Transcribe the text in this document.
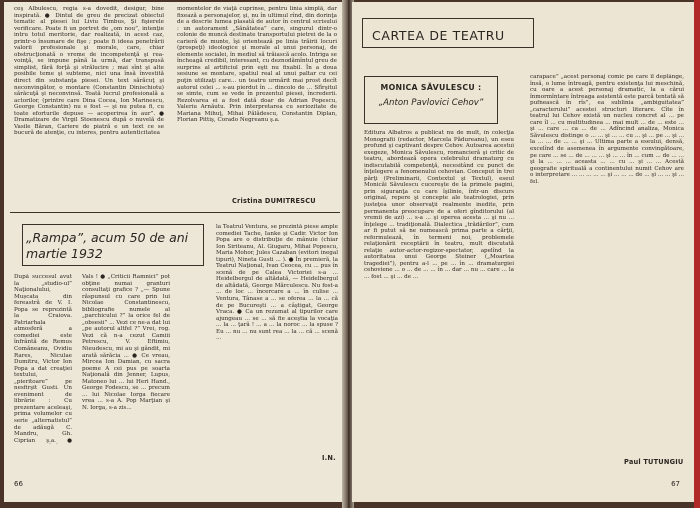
ceş Albulescu, regia s-a dovedit, desigur, bine inspirată. ● Dintul de greu de precizat obiectul tematic al piesei lui Liviu Timbus, Şi fişierele verificare. Poate fi un portret de „om nou”, intenţie intru totul meritorie, dar realizată, in acest caz, printr-o însumare de fişe ; poate fi ideea penetrării valorii profesionale şi morale, care, chiar obstrucţionată o vreme de incompetenţă şi rea-voinţă, se impune până la urmă, dar transpusă simplist, fără forţă şi strălucire ; mai sînt şi alte posibile teme şi subteme, nici una însă învestită direct din substanţa piesei. Un text sărăcuţ şi neconvingător, o montare (Constantin Dinischiotu) sărăcuţă şi neconvinsă. Toată lucrul profesională a actorilor, (printre care Dina Cocea, Ion Marinescu, George Constantin) nu e fost — şi nu putea fi, cu toate eforturile depuse — acoperirea în aur”. ● Dramatizare de Virgil Stoenescu după o nuvelă de Vasile Băran, Cariere de piatră e un text ce se bucură de atenţie, cu interes, pentru autenticitatea

momentelor de viaţă cuprinse, pentru linia simplă, dar fixează a personajelor, şi, nu în ultimul rînd, din dorinţa de a descrie lumea plasată de autor în centrul scrisului : un autorament „Sănătatea” care, singurul dintr-o colonie de muncă destinate transportului pietrei de la o carieră de munte, îşi orientează pe linia trăirii locuri (prospeţi) ideologice şi morale al unui personaj, de elemente socialei, în mediul să trăiască acolo. Intriga se încheagă credibil, interesant, cu deznodămîntul greu de surprins al artificiul prin eşti nu fixabil. În a doua sesiune se montare, spatiul real al unui paltar cu cei puţin utilizaţi care... un teatru urmărit mai prost decît autorul celei ... s-au pierdut în ... dincolo de ... Sfîrşitul se simte, cum se vede în prezentul piesei, încrederii. Rezolvarea ei a fost dată doar de Adrian Popescu, Valeriu Arnăutu. Prin interpretarea cu seriozitate de Mariana Mihuţ, Mihai Pălădescu, Constantin Diplan, Florian Pittiş, Corado Negreanu ş.a.

Cristina DUMITRESCU
„Rampa”, acum 50 de ani martie 1932

După succesul avut la „studio-ul” Naţionalului, Mușcata din fereastră de V. I. Popa se reprezintă la Craiova. Patriarhala atmosferă a comediei este înfrântă de Remus Comăneanu, Ovidiu Rares, Niculae Dumitru, Victor Ion Popa a dat creaţiei textului, „pieritoare” pe nesfirşit Gusti. Un eveniment de librărie : Cu prezentare aceleaşi, prima volumelor cu serie „alternatistul” de adăugă C. Mandru, Gh. Ciprian ş.a. ●

Vals ! ● „Criticii Ramnici” pot obţine numai granturi consultaţi grafice ? „— Spune răspunsul cu care prin lui Nicolae Constantinescu, bibliografie numele al „parchicului ?” la orice fel de „obsesii” ... Vezi ce ne-a dat lui „pe autorul altfel ?” Vrei, rog. Vezi că n-a cezut Camiii Petrescu, V. Eftimiu, Nieudescu, mi au şi gândit, mi arată sărăcia ... ● Ce vreau, Mircea Ion Damian, cu sacra poeme A cei pus pe soarta Naţională din Jenner, Lupus, Matoneo lui ... lui Heri Hand., George Fodescu, se ... precum ... lui Nicolae Iorga fiecare vrea ... s-a A. Pop Marţian şi N. Iorga, s-a zis...

la Teatrul Ventura, se prezintă piese ample comediei Tache, Ianke şi Cadir. Victor Ion Popa are o distribuţie de mânuie (chiar Ion Siriteanu, Al. Giugaru, Mihai Popescu, Maria Mohor, Jules Cazaban (evitori inegal tipuri), Nineta Gusti ... ). ● În premieră, la Teatrul Naţional, Ivan Ceocea, cu ... pus în scenă de pe Calea Victoriei s-a ... Heidelbergul de altădată, — Heidelbergul de altădată, George Mărculescu. Nu fost-a ... de loc ... încercare a ... în culise ... Ventura, Tânase a ... se oferea ... la ... că de pe Bucureşti ... a câştigat, George Vraca. ● Ca un rezumat al tipurilor care ajungeau ... se ... să fie aceştia la vocaţia ... la ... ţară ! ... a ... la noroc ... la spuse ? Eu ... nu ... nu sunt rea ... la ... că ... scenă ...

I.N.
66
CARTEA DE TEATRU
MONICA SĂVULESCU :
„Anton Pavlovici Cehov”

Editura Albatros a publicat nu de mult, în colecţia Monografii (redactor, Marcela Pădureanu), un eseu profund şi captivant despre Cehov. Autoarea acestui exegeze, Monica Săvulescu, romancieră şi critic de teatru, abordează opera celebrului dramaturg cu indiscutabilă competenţă, necesitând cu punct de înţelegere a fenomenului cehovian. Conceput în trei părţi (Preliminarii, Contextul şi Textul), eseul Monicăi Săvulescu cucereşte de la primele pagini, prin siguranţa cu care îşilinie, într-un discurs original, repere şi concepte ale teatrologiei, prin justeţea unor observaţii realmente inedite, prin permanenta preocupare de a oferi gînditorului (al vremii de azi) ... s-a ... şi operea acesta ... şi nu ... înţelege ... tradiţională. Dialectica „trădărilor”, cum ar fi putut să ne numească prima parte a cărţii, reformulează, în termeni noi, problemele relaţionării receptării în teatru, mult discutată relaţie autor-actor-regizor-spectator, apelînd la autoritatea unui George Steiner („Moartea tragediei”), pentru a-l ... pe ... în ... dramaturgiei cehoviene ... o ... de ... ... în ... dar ... nu ... care ... la ... fost ... şi ... de ...

carapace” „acest personaj comic pe care îl deplânge, însă, o lume întreagă, pentru existenţa lui meschină, cu oare a acest personaj dramatic, la a cărui înmormîntare întreaga asistentă este parcă tentată să pufnească în rîs”, ea sublinia „ambiguitatea” „caracterului” acestei structuri literare. Cîte în teatrul lui Cehov există un nucleu concret al ... pe care îl ... cu multitudinea ... mai mult ... de ... este ... şi ... care ... ca ... de ... Adîncind analiza, Monica Săvulescu distinge o ... ... şi ... ... cu ... şi ... pe ... şi ... la ... ... de ... ... şi ... Ultima parte a eseului, densă, excelînd de asemenea în argumente convingătoare, pe care ... se ... de ... ... ... şi ... ... în ... cum ... de ... ... şi la ... ... ... aceasta ... ... cu ... şi ... ... Acestă geografie spirituală a continentului numit Cehov are o interpretare ... ... ... ... ... şi ... ... ... de ... şi ... ... şi ... fel.

Paul TUTUNGIU
67
